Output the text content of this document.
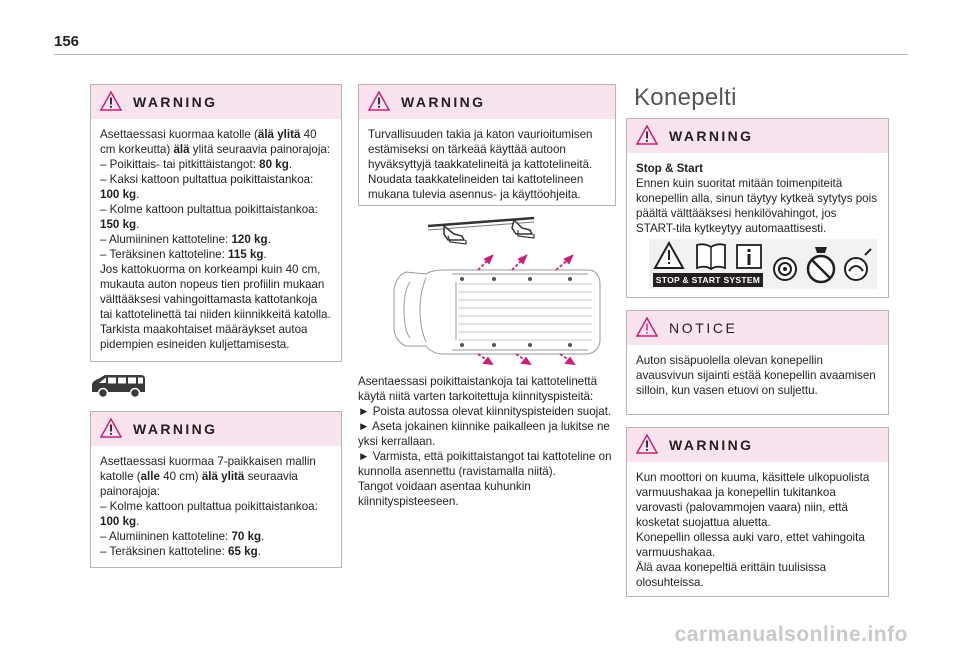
156
WARNING

Asettaessasi kuormaa katolle (älä ylitä 40 cm korkeutta) älä ylitä seuraavia painorajoja:

– Poikittais- tai pitkittäistangot: 80 kg.

– Kaksi kattoon pultattua poikittaistankoa: 100 kg.

– Kolme kattoon pultattua poikittaistankoa: 150 kg.

– Alumiininen kattoteline: 120 kg.

– Teräksinen kattoteline: 115 kg.

Jos kattokuorma on korkeampi kuin 40 cm, mukauta auton nopeus tien profiilin mukaan välttääksesi vahingoittamasta kattotankoja tai kattotelinettä tai niiden kiinnikkeitä katolla.

Tarkista maakohtaiset määräykset autoa pidempien esineiden kuljettamisesta.

WARNING

Asettaessasi kuormaa 7-paikkaisen mallin katolle (alle 40 cm) älä ylitä seuraavia painorajoja:

– Kolme kattoon pultattua poikittaistankoa: 100 kg.

– Alumiininen kattoteline: 70 kg.

– Teräksinen kattoteline: 65 kg.

WARNING

Turvallisuuden takia ja katon vaurioitumisen estämiseksi on tärkeää käyttää autoon hyväksyttyjä taakkatelineitä ja kattotelineitä. Noudata taakkatelineiden tai kattotelineen mukana tulevia asennus- ja käyttöohjeita.

Asentaessasi poikittaistankoja tai kattotelinettä käytä niitä varten tarkoitettuja kiinnityspisteitä:

► Poista autossa olevat kiinnityspisteiden suojat.

► Aseta jokainen kiinnike paikalleen ja lukitse ne yksi kerrallaan.

► Varmista, että poikittaistangot tai kattoteline on kunnolla asennettu (ravistamalla niitä).

Tangot voidaan asentaa kuhunkin kiinnityspisteeseen.

Konepelti
WARNING

Stop & Start

Ennen kuin suoritat mitään toimenpiteitä konepellin alla, sinun täytyy kytkeä sytytys pois päältä välttääksesi henkilövahingot, jos START-tila kytkeytyy automaattisesti.

STOP & START SYSTEM
NOTICE

Auton sisäpuolella olevan konepellin avausvivun sijainti estää konepellin avaamisen silloin, kun vasen etuovi on suljettu.

WARNING

Kun moottori on kuuma, käsittele ulkopuolista varmuushakaa ja konepellin tukitankoa varovasti (palovammojen vaara) niin, että kosketat suojattua aluetta.

Konepellin ollessa auki varo, ettet vahingoita varmuushakaa.

Älä avaa konepeltiä erittäin tuulisissa olosuhteissa.

carmanualsonline.info
